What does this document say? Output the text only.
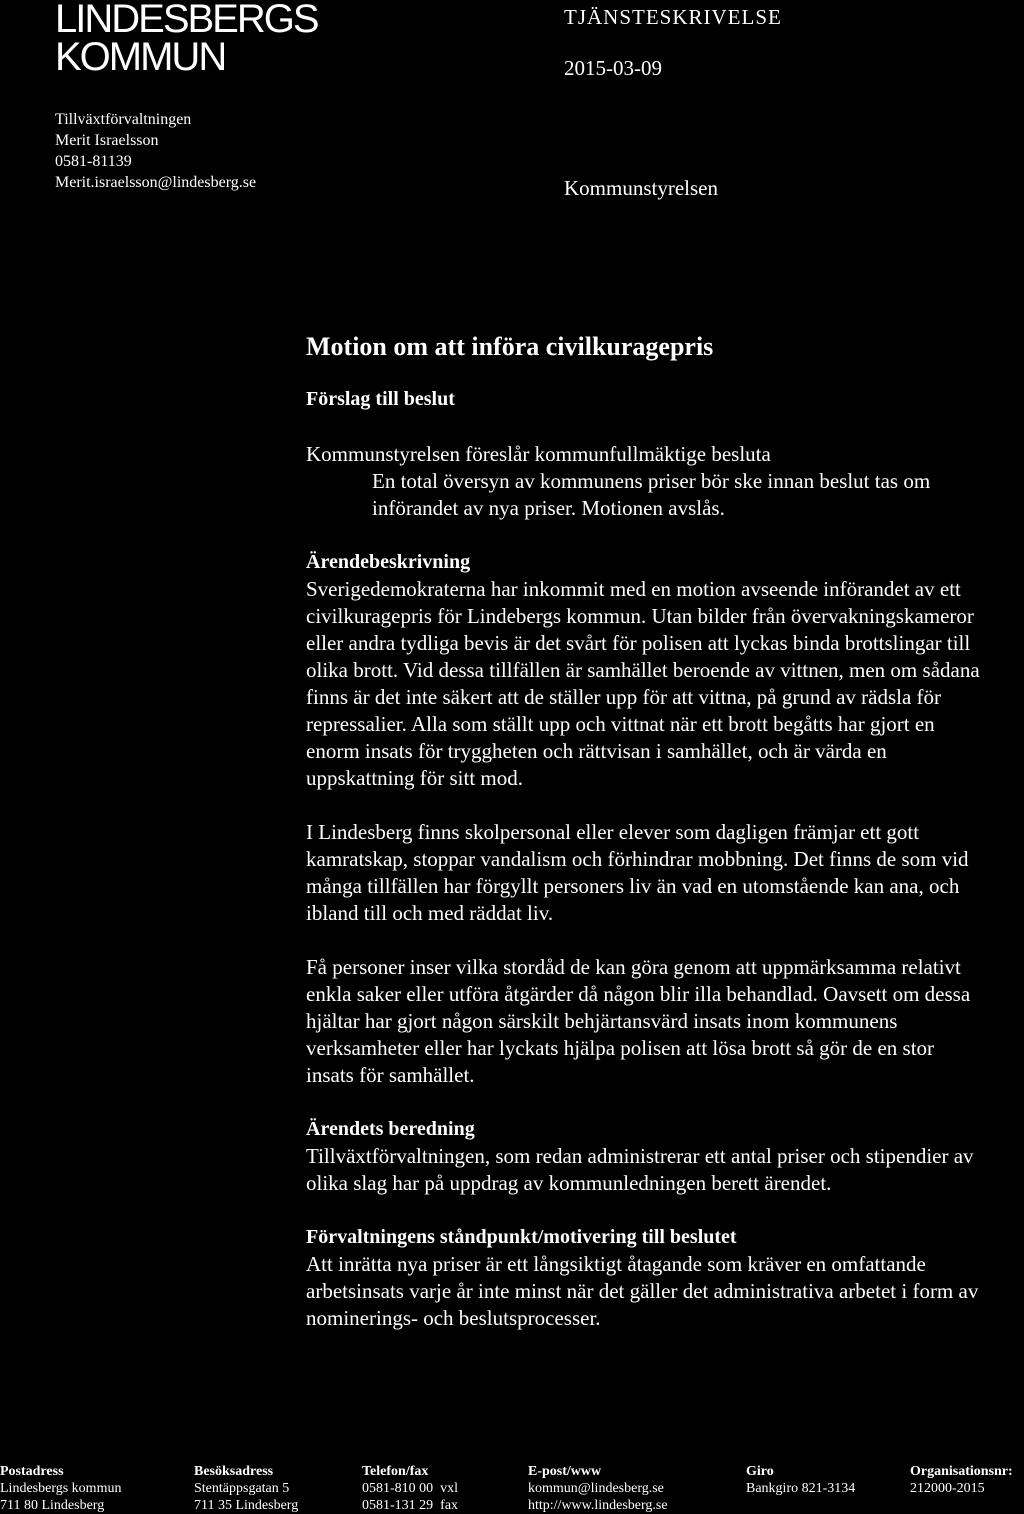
LINDESBERGS
KOMMUN
Tillväxtförvaltningen
Merit Israelsson
0581-81139
Merit.israelsson@lindesberg.se
TJÄNSTESKRIVELSE
2015-03-09
Kommunstyrelsen
Motion om att införa civilkuragepris
Förslag till beslut

Kommunstyrelsen föreslår kommunfullmäktige besluta

En total översyn av kommunens priser bör ske innan beslut tas om införandet av nya priser. Motionen avslås.

Ärendebeskrivning

Sverigedemokraterna har inkommit med en motion avseende införandet av ett civilkuragepris för Lindebergs kommun. Utan bilder från övervakningskameror eller andra tydliga bevis är det svårt för polisen att lyckas binda brottslingar till olika brott. Vid dessa tillfällen är samhället beroende av vittnen, men om sådana finns är det inte säkert att de ställer upp för att vittna, på grund av rädsla för repressalier. Alla som ställt upp och vittnat när ett brott begåtts har gjort en enorm insats för tryggheten och rättvisan i samhället, och är värda en uppskattning för sitt mod.

I Lindesberg finns skolpersonal eller elever som dagligen främjar ett gott kamratskap, stoppar vandalism och förhindrar mobbning. Det finns de som vid många tillfällen har förgyllt personers liv än vad en utomstående kan ana, och ibland till och med räddat liv.

Få personer inser vilka stordåd de kan göra genom att uppmärksamma relativt enkla saker eller utföra åtgärder då någon blir illa behandlad. Oavsett om dessa hjältar har gjort någon särskilt behjärtansvärd insats inom kommunens verksamheter eller har lyckats hjälpa polisen att lösa brott så gör de en stor insats för samhället.

Ärendets beredning

Tillväxtförvaltningen, som redan administrerar ett antal priser och stipendier av olika slag har på uppdrag av kommunledningen berett ärendet.

Förvaltningens ståndpunkt/motivering till beslutet

Att inrätta nya priser är ett långsiktigt åtagande som kräver en omfattande arbetsinsats varje år inte minst när det gäller det administrativa arbetet i form av nominerings- och beslutsprocesser.

Postadress
Lindesbergs kommun
711 80 Lindesberg
Besöksadress
Stentäppsgatan 5
711 35 Lindesberg
Telefon/fax
0581-810 00  vxl
0581-131 29  fax
E-post/www
kommun@lindesberg.se
http://www.lindesberg.se
Giro
Bankgiro 821-3134
Organisationsnr:
212000-2015
